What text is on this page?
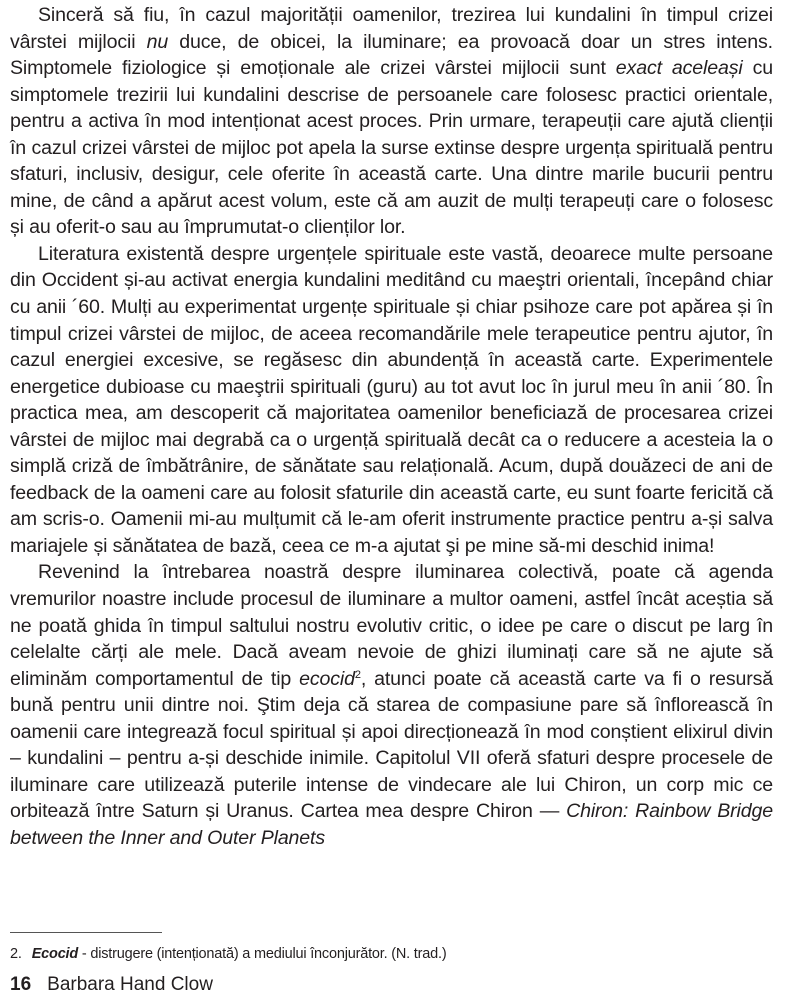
Sinceră să fiu, în cazul majorității oamenilor, trezirea lui kundalini în timpul crizei vârstei mijlocii nu duce, de obicei, la iluminare; ea provoacă doar un stres intens. Simptomele fiziologice și emoționale ale crizei vârstei mijlocii sunt exact aceleași cu simptomele trezirii lui kundalini descrise de persoanele care folosesc practici orientale, pentru a activa în mod intenționat acest proces. Prin urmare, terapeuții care ajută clienții în cazul crizei vârstei de mijloc pot apela la surse extinse despre urgența spirituală pentru sfaturi, inclusiv, desigur, cele oferite în această carte. Una dintre marile bucurii pentru mine, de când a apărut acest volum, este că am auzit de mulți terapeuți care o folosesc și au oferit-o sau au împrumutat-o clienților lor.

Literatura existentă despre urgențele spirituale este vastă, deoarece multe persoane din Occident și-au activat energia kundalini meditând cu maeştri orientali, începând chiar cu anii ´60. Mulți au experimentat urgențe spirituale și chiar psihoze care pot apărea și în timpul crizei vârstei de mijloc, de aceea recomandările mele terapeutice pentru ajutor, în cazul energiei excesive, se regăsesc din abundență în această carte. Experimentele energetice dubioase cu maeştrii spirituali (guru) au tot avut loc în jurul meu în anii ´80. În practica mea, am descoperit că majoritatea oamenilor beneficiază de procesarea crizei vârstei de mijloc mai degrabă ca o urgență spirituală decât ca o reducere a acesteia la o simplă criză de îmbătrânire, de sănătate sau relațională. Acum, după douăzeci de ani de feedback de la oameni care au folosit sfaturile din această carte, eu sunt foarte fericită că am scris-o. Oamenii mi-au mulțumit că le-am oferit instrumente practice pentru a-și salva mariajele și sănătatea de bază, ceea ce m-a ajutat şi pe mine să-mi deschid inima!

Revenind la întrebarea noastră despre iluminarea colectivă, poate că agenda vremurilor noastre include procesul de iluminare a multor oameni, astfel încât aceștia să ne poată ghida în timpul saltului nostru evolutiv critic, o idee pe care o discut pe larg în celelalte cărți ale mele. Dacă aveam nevoie de ghizi iluminați care să ne ajute să eliminăm comportamentul de tip ecocid$^2$, atunci poate că această carte va fi o resursă bună pentru unii dintre noi. Ştim deja că starea de compasiune pare să înflorească în oamenii care integrează focul spiritual și apoi direcționează în mod conștient elixirul divin – kundalini – pentru a-și deschide inimile. Capitolul VII oferă sfaturi despre procesele de iluminare care utilizează puterile intense de vindecare ale lui Chiron, un corp mic ce orbitează între Saturn și Uranus. Cartea mea despre Chiron — Chiron: Rainbow Bridge between the Inner and Outer Planets

2. Ecocid - distrugere (intenționată) a mediului înconjurător. (N. trad.)
16 Barbara Hand Clow
